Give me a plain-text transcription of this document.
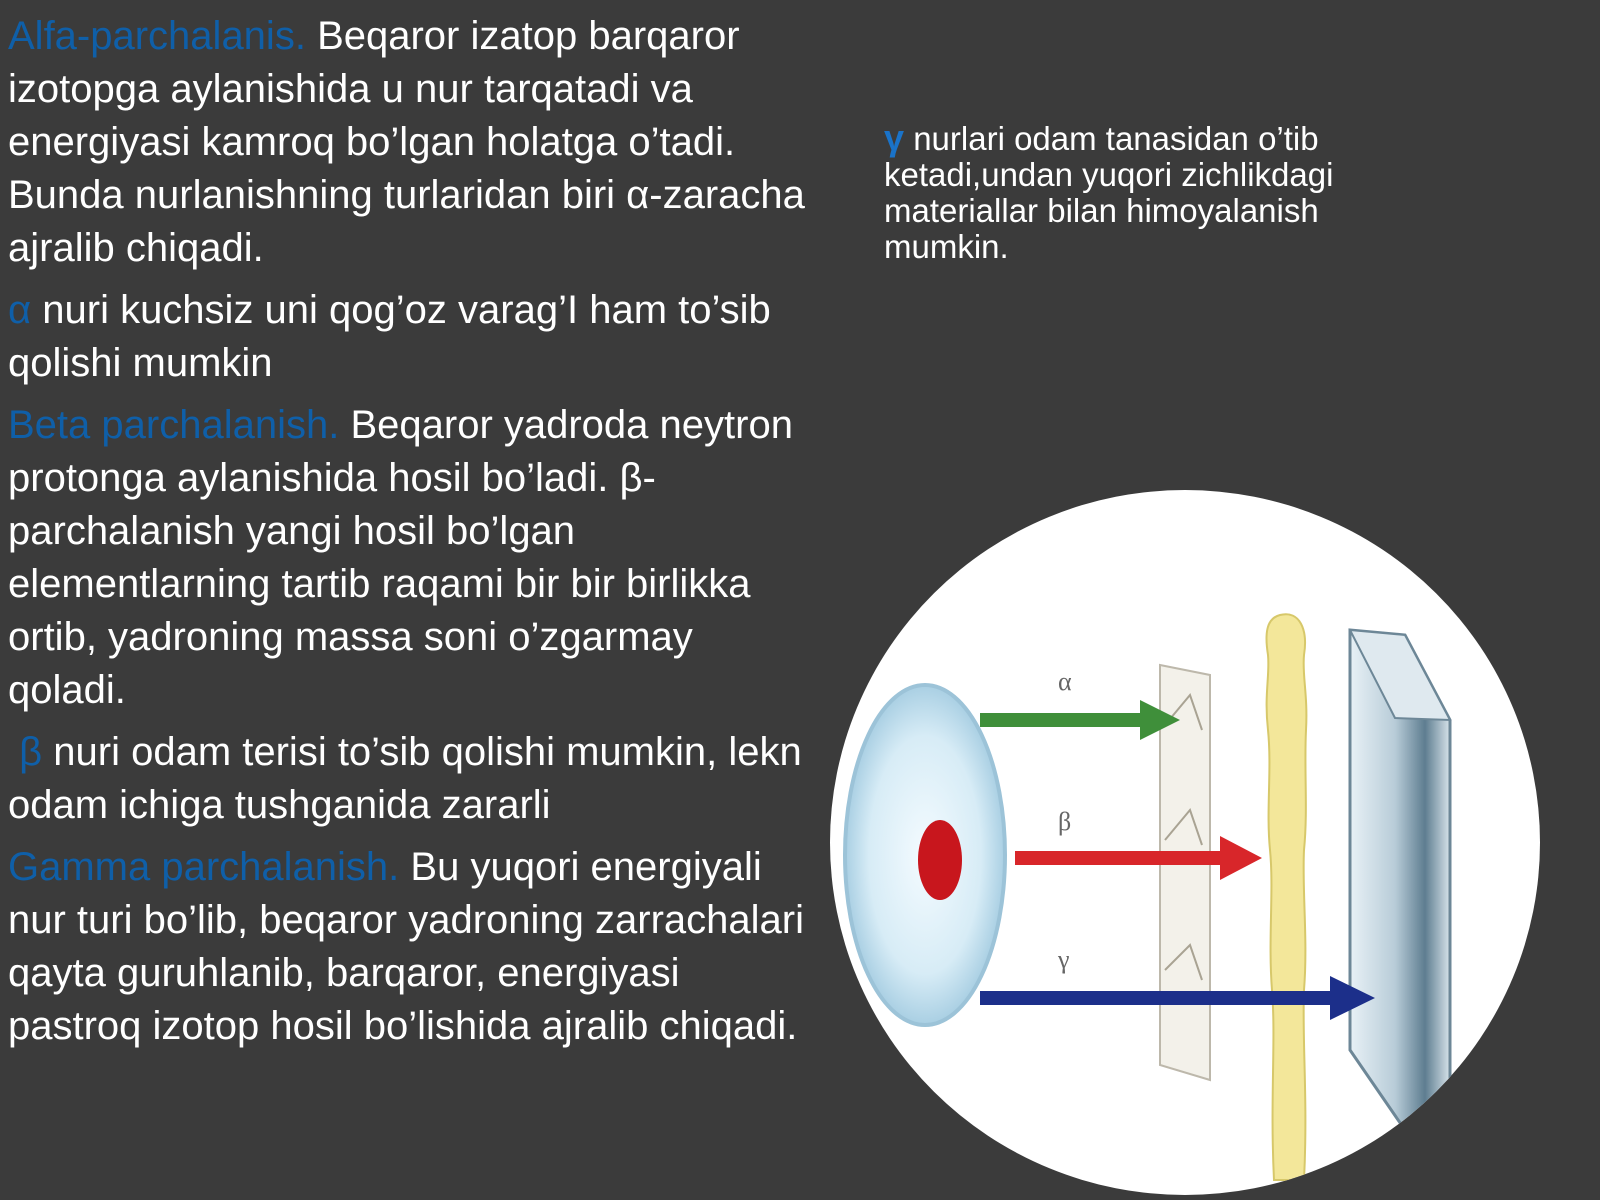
Alfa-parchalanis. Beqaror izatop barqaror izotopga aylanishida u nur tarqatadi va energiyasi kamroq bo’lgan holatga o’tadi. Bunda nurlanishning turlaridan biri α-zaracha ajralib chiqadi.

α nuri kuchsiz uni qog’oz varag’I ham to’sib qolishi mumkin

Beta parchalanish. Beqaror yadroda neytron protonga aylanishida hosil bo’ladi. β-parchalanish yangi hosil bo’lgan elementlarning tartib raqami bir bir birlikka ortib, yadroning massa soni o’zgarmay qoladi.

β nuri odam terisi to’sib qolishi mumkin, lekn odam ichiga tushganida zararli

Gamma parchalanish. Bu yuqori energiyali nur turi bo’lib, beqaror yadroning zarrachalari qayta guruhlanib, barqaror, energiyasi pastroq izotop hosil bo’lishida ajralib chiqadi.

γ nurlari odam tanasidan o’tib ketadi,undan yuqori zichlikdagi materiallar bilan himoyalanish mumkin.
α
β
γ
